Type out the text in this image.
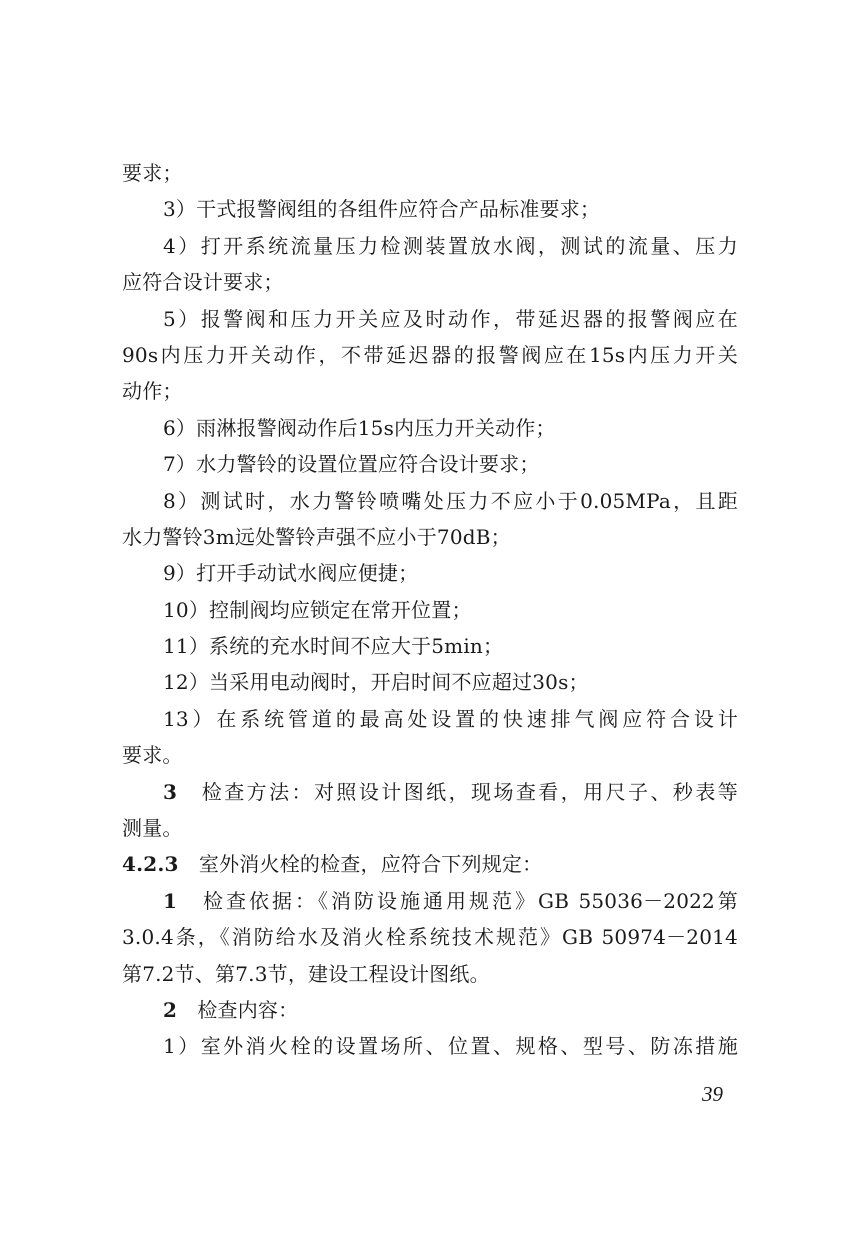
要求；
3）干式报警阀组的各组件应符合产品标准要求；
4）打开系统流量压力检测装置放水阀，测试的流量、压力
应符合设计要求；
5）报警阀和压力开关应及时动作，带延迟器的报警阀应在
90s内压力开关动作，不带延迟器的报警阀应在15s内压力开关
动作；
6）雨淋报警阀动作后15s内压力开关动作；
7）水力警铃的设置位置应符合设计要求；
8）测试时，水力警铃喷嘴处压力不应小于0.05MPa，且距
水力警铃3m远处警铃声强不应小于70dB；
9）打开手动试水阀应便捷；
10）控制阀均应锁定在常开位置；
11）系统的充水时间不应大于5min；
12）当采用电动阀时，开启时间不应超过30s；
13）在系统管道的最高处设置的快速排气阀应符合设计
要求。
3　 检查方法：对照设计图纸，现场查看，用尺子、秒表等
测量。
4.2.3　 室外消火栓的检查，应符合下列规定：
1　 检查依据：《消防设施通用规范》GB 55036－2022第
3.0.4条，《消防给水及消火栓系统技术规范》GB 50974－2014
第7.2节、第7.3节，建设工程设计图纸。
2　 检查内容：
1）室外消火栓的设置场所、位置、规格、型号、防冻措施
39
